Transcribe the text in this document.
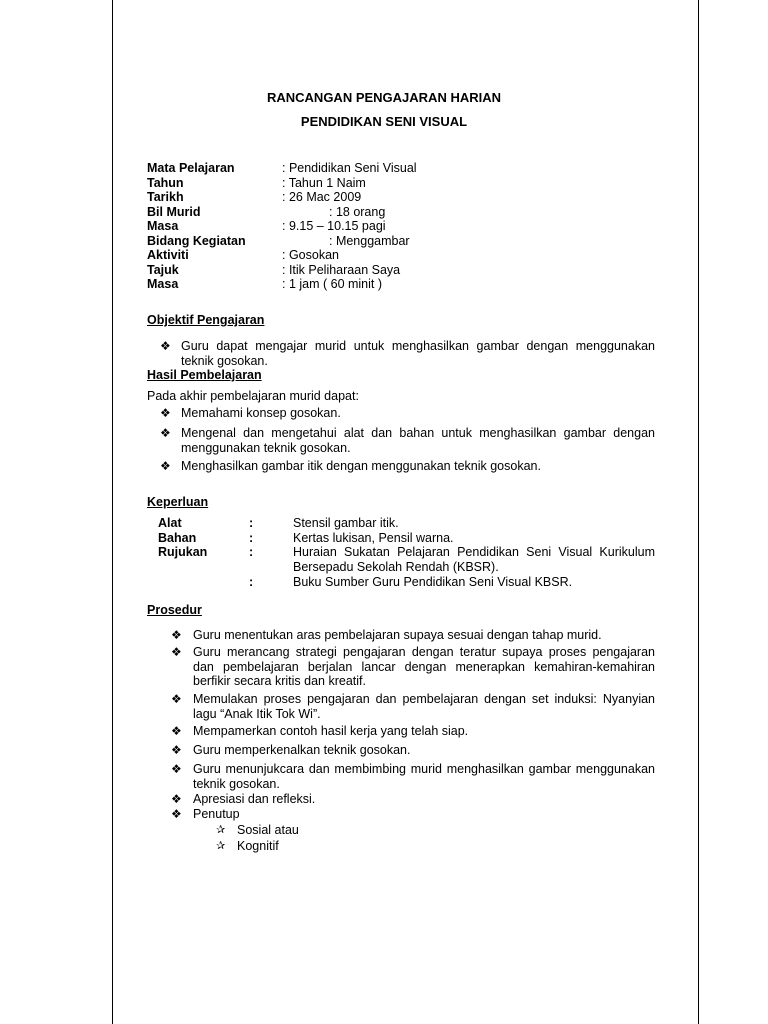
RANCANGAN PENGAJARAN HARIAN
PENDIDIKAN SENI VISUAL
Mata Pelajaran	: Pendidikan Seni Visual
Tahun	: Tahun 1 Naim
Tarikh	: 26 Mac 2009
Bil Murid	: 18 orang
Masa	: 9.15 – 10.15 pagi
Bidang Kegiatan	: Menggambar
Aktiviti	: Gosokan
Tajuk	: Itik Peliharaan Saya
Masa	: 1 jam ( 60 minit )
Objektif Pengajaran
❖ Guru dapat mengajar murid untuk menghasilkan gambar dengan menggunakan teknik gosokan.
Hasil Pembelajaran
Pada akhir pembelajaran murid dapat:
❖ Memahami konsep gosokan.
❖ Mengenal dan mengetahui alat dan bahan untuk menghasilkan gambar dengan menggunakan teknik gosokan.
❖ Menghasilkan gambar itik dengan menggunakan teknik gosokan.
Keperluan
Alat	:	Stensil gambar itik.
Bahan	:	Kertas lukisan, Pensil warna.
Rujukan	:	Huraian Sukatan Pelajaran Pendidikan Seni Visual Kurikulum Bersepadu Sekolah Rendah (KBSR).
:	Buku Sumber Guru Pendidikan Seni Visual KBSR.
Prosedur
❖ Guru menentukan aras pembelajaran supaya sesuai dengan tahap murid.
❖ Guru merancang strategi pengajaran dengan teratur supaya proses pengajaran dan pembelajaran berjalan lancar dengan menerapkan kemahiran-kemahiran berfikir secara kritis dan kreatif.
❖ Memulakan proses pengajaran dan pembelajaran dengan set induksi: Nyanyian lagu “Anak Itik Tok Wi”.
❖ Mempamerkan contoh hasil kerja yang telah siap.
❖ Guru memperkenalkan teknik gosokan.
❖ Guru menunjukcara dan membimbing murid menghasilkan gambar menggunakan teknik gosokan.
❖ Apresiasi dan refleksi.
❖ Penutup
✰ Sosial atau
✰ Kognitif
